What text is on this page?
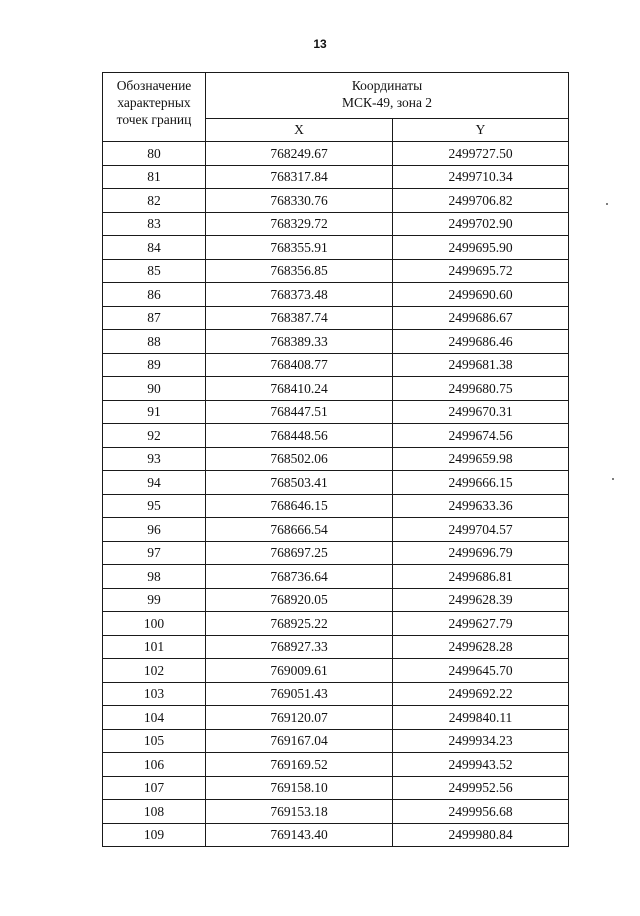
13
Обозначение
характерных
точек границ	Координаты
МСК-49, зона 2	

	X	Y
80	768249.67	2499727.50
81	768317.84	2499710.34
82	768330.76	2499706.82
83	768329.72	2499702.90
84	768355.91	2499695.90
85	768356.85	2499695.72
86	768373.48	2499690.60
87	768387.74	2499686.67
88	768389.33	2499686.46
89	768408.77	2499681.38
90	768410.24	2499680.75
91	768447.51	2499670.31
92	768448.56	2499674.56
93	768502.06	2499659.98
94	768503.41	2499666.15
95	768646.15	2499633.36
96	768666.54	2499704.57
97	768697.25	2499696.79
98	768736.64	2499686.81
99	768920.05	2499628.39
100	768925.22	2499627.79
101	768927.33	2499628.28
102	769009.61	2499645.70
103	769051.43	2499692.22
104	769120.07	2499840.11
105	769167.04	2499934.23
106	769169.52	2499943.52
107	769158.10	2499952.56
108	769153.18	2499956.68
109	769143.40	2499980.84
